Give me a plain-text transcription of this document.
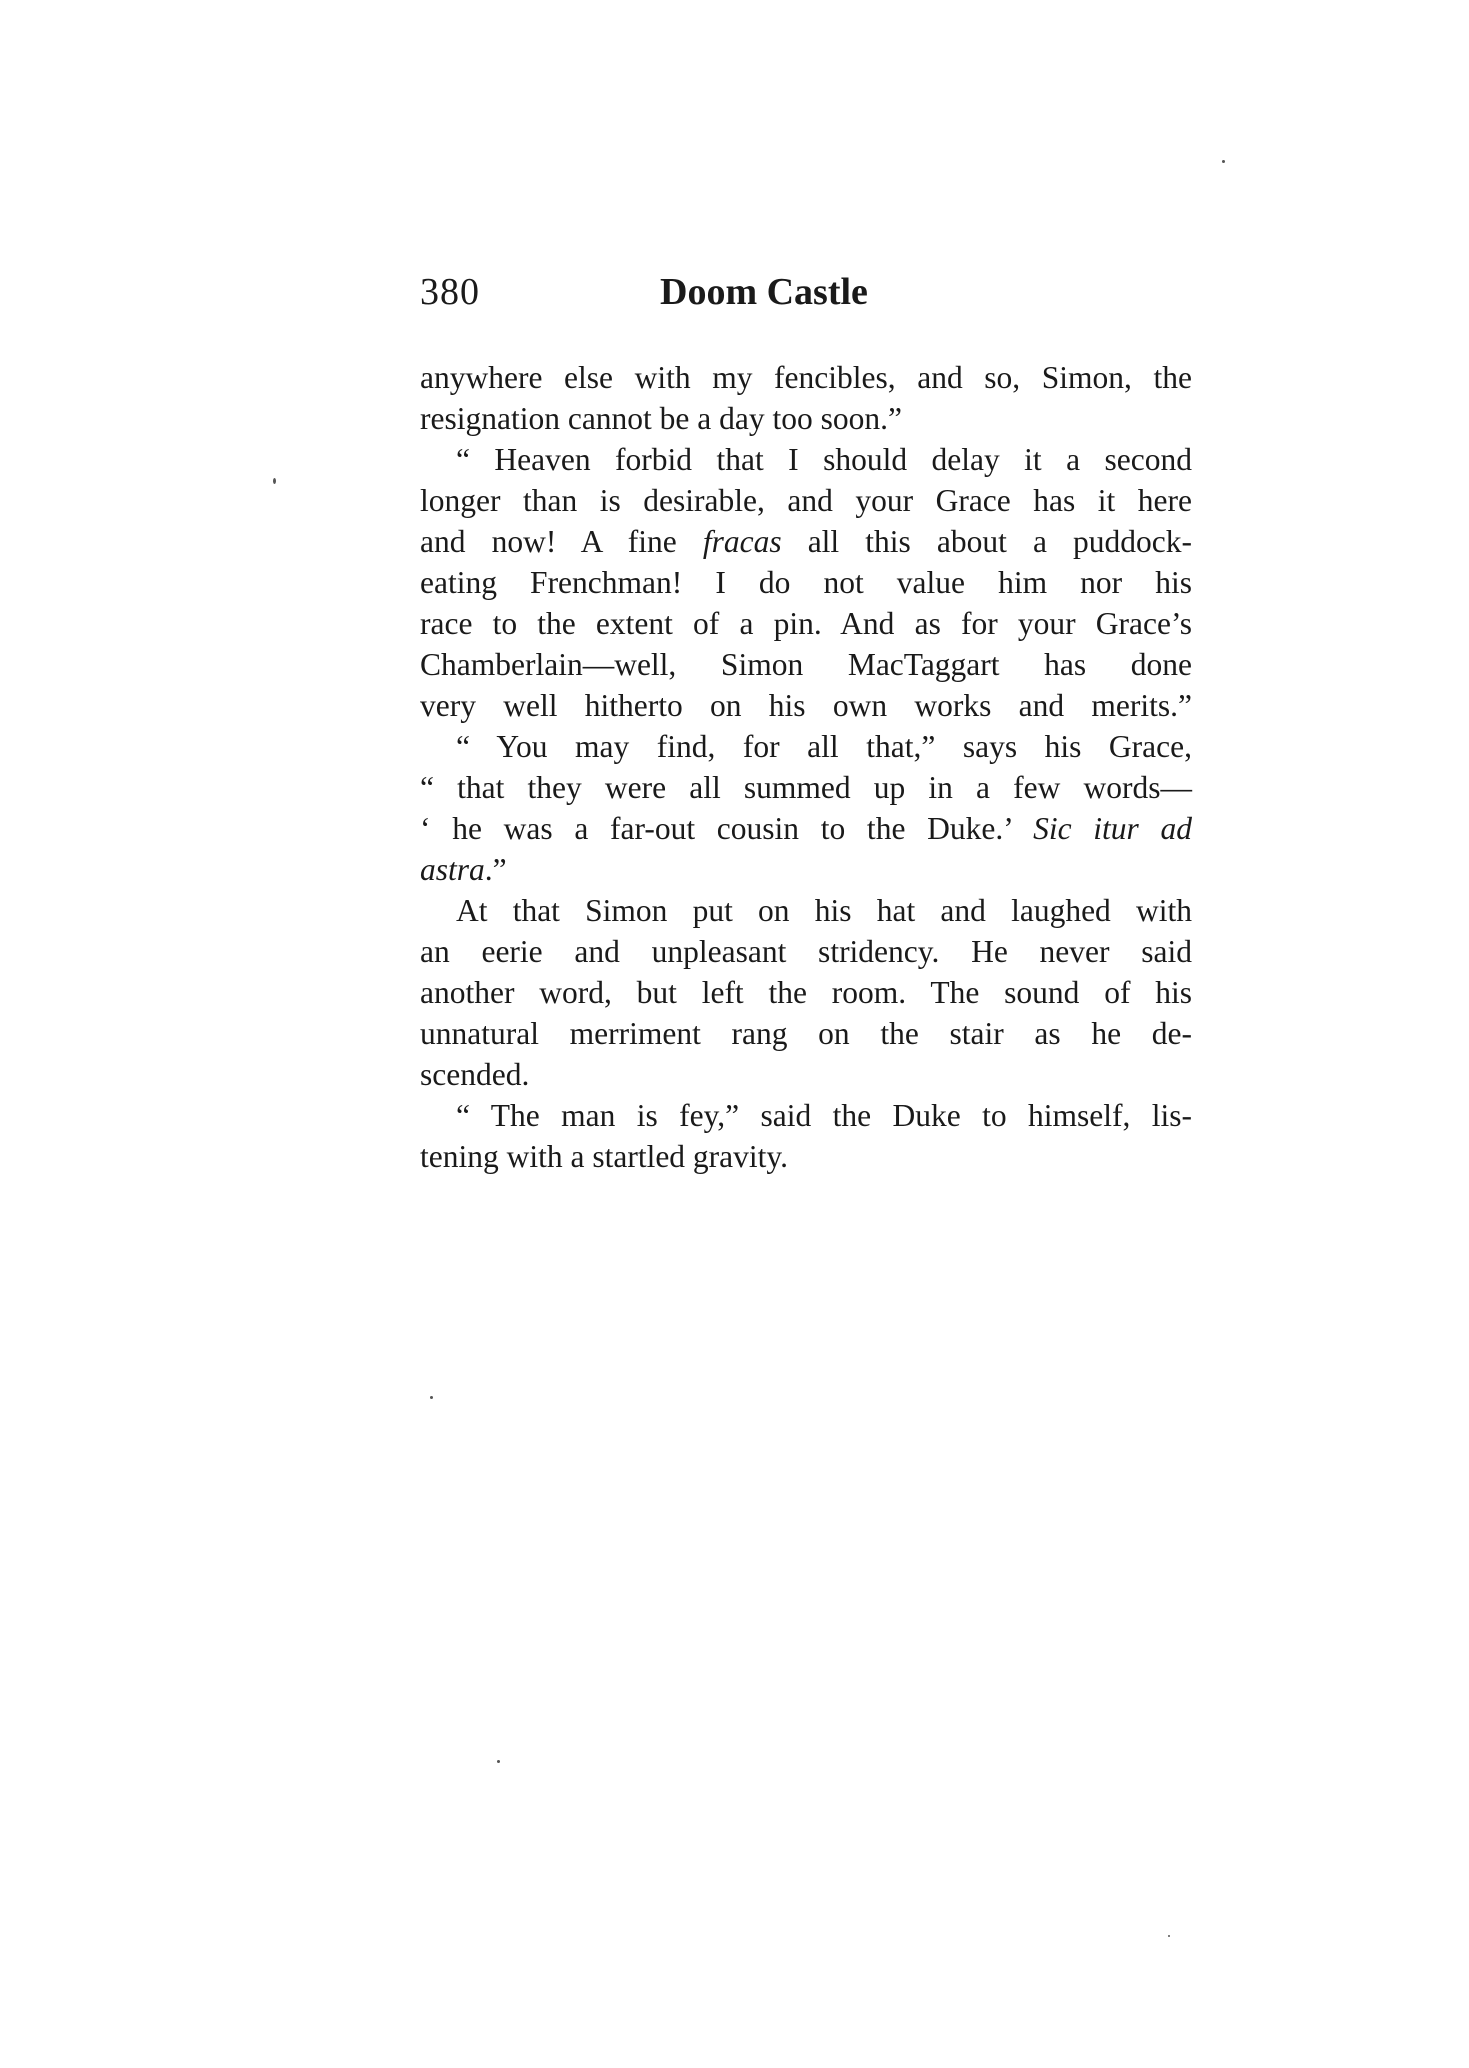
380	Doom Castle
anywhere else with my fencibles, and so, Simon, the
resignation cannot be a day too soon.”
“ Heaven forbid that I should delay it a second
longer than is desirable, and your Grace has it here
and now! A fine fracas all this about a puddock-
eating Frenchman! I do not value him nor his
race to the extent of a pin. And as for your Grace’s
Chamberlain—well, Simon MacTaggart has done
very well hitherto on his own works and merits.”
“ You may find, for all that,” says his Grace,
“ that they were all summed up in a few words—
‘ he was a far-out cousin to the Duke.’ Sic itur ad
astra.”
At that Simon put on his hat and laughed with
an eerie and unpleasant stridency. He never said
another word, but left the room. The sound of his
unnatural merriment rang on the stair as he de-
scended.
“ The man is fey,” said the Duke to himself, lis-
tening with a startled gravity.
